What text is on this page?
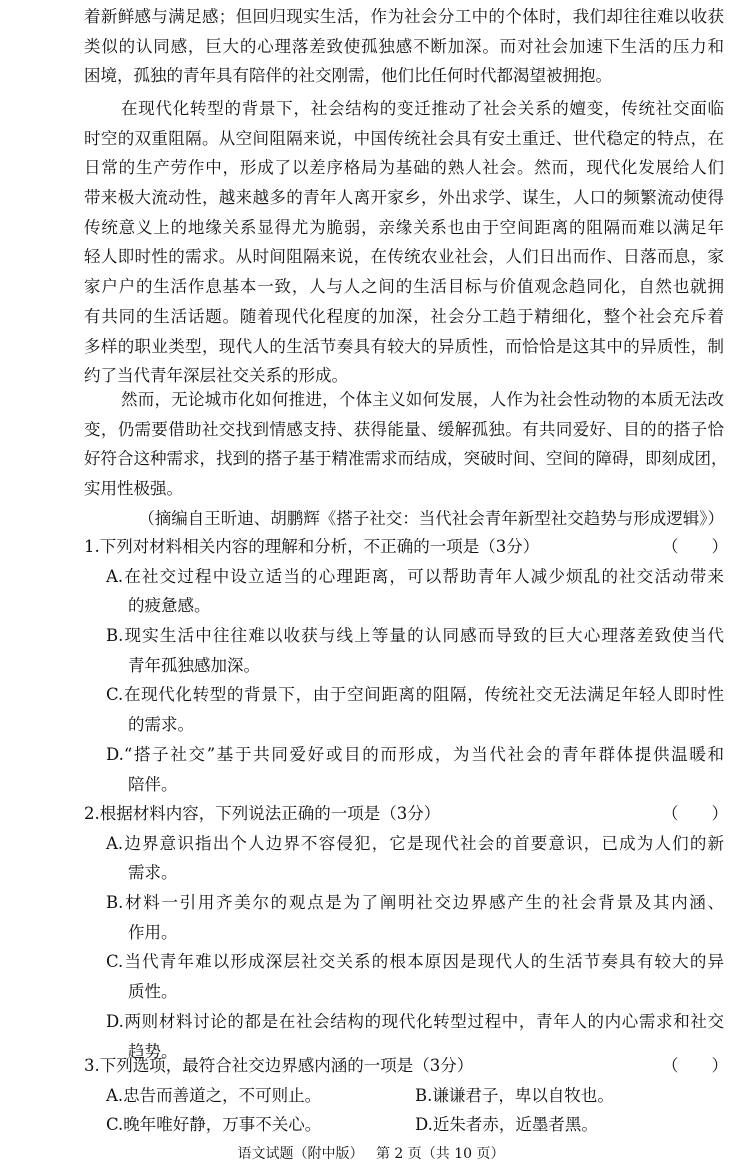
着新鲜感与满足感；但回归现实生活，作为社会分工中的个体时，我们却往往难以收获
类似的认同感，巨大的心理落差致使孤独感不断加深。而对社会加速下生活的压力和
困境，孤独的青年具有陪伴的社交刚需，他们比任何时代都渴望被拥抱。
在现代化转型的背景下，社会结构的变迁推动了社会关系的嬗变，传统社交面临
时空的双重阻隔。从空间阻隔来说，中国传统社会具有安土重迁、世代稳定的特点，在
日常的生产劳作中，形成了以差序格局为基础的熟人社会。然而，现代化发展给人们
带来极大流动性，越来越多的青年人离开家乡，外出求学、谋生，人口的频繁流动使得
传统意义上的地缘关系显得尤为脆弱，亲缘关系也由于空间距离的阻隔而难以满足年
轻人即时性的需求。从时间阻隔来说，在传统农业社会，人们日出而作、日落而息，家
家户户的生活作息基本一致，人与人之间的生活目标与价值观念趋同化，自然也就拥
有共同的生活话题。随着现代化程度的加深，社会分工趋于精细化，整个社会充斥着
多样的职业类型，现代人的生活节奏具有较大的异质性，而恰恰是这其中的异质性，制
约了当代青年深层社交关系的形成。
然而，无论城市化如何推进，个体主义如何发展，人作为社会性动物的本质无法改
变，仍需要借助社交找到情感支持、获得能量、缓解孤独。有共同爱好、目的的搭子恰
好符合这种需求，找到的搭子基于精准需求而结成，突破时间、空间的障碍，即刻成团，
实用性极强。
（摘编自王昕迪、胡鹏辉《搭子社交：当代社会青年新型社交趋势与形成逻辑》）
1.下列对材料相关内容的理解和分析，不正确的一项是（3分）	（　　）
A.在社交过程中设立适当的心理距离，可以帮助青年人减少烦乱的社交活动带来
的疲惫感。
B.现实生活中往往难以收获与线上等量的认同感而导致的巨大心理落差致使当代
青年孤独感加深。
C.在现代化转型的背景下，由于空间距离的阻隔，传统社交无法满足年轻人即时性
的需求。
D.“搭子社交”基于共同爱好或目的而形成，为当代社会的青年群体提供温暖和
陪伴。
2.根据材料内容，下列说法正确的一项是（3分）	（　　）
A.边界意识指出个人边界不容侵犯，它是现代社会的首要意识，已成为人们的新
需求。
B.材料一引用齐美尔的观点是为了阐明社交边界感产生的社会背景及其内涵、
作用。
C.当代青年难以形成深层社交关系的根本原因是现代人的生活节奏具有较大的异
质性。
D.两则材料讨论的都是在社会结构的现代化转型过程中，青年人的内心需求和社交
趋势。
3.下列选项，最符合社交边界感内涵的一项是（3分）	（　　）
A.忠告而善道之，不可则止。	B.谦谦君子，卑以自牧也。
C.晚年唯好静，万事不关心。	D.近朱者赤，近墨者黑。
语文试题（附中版） 第 2 页（共 10 页）
